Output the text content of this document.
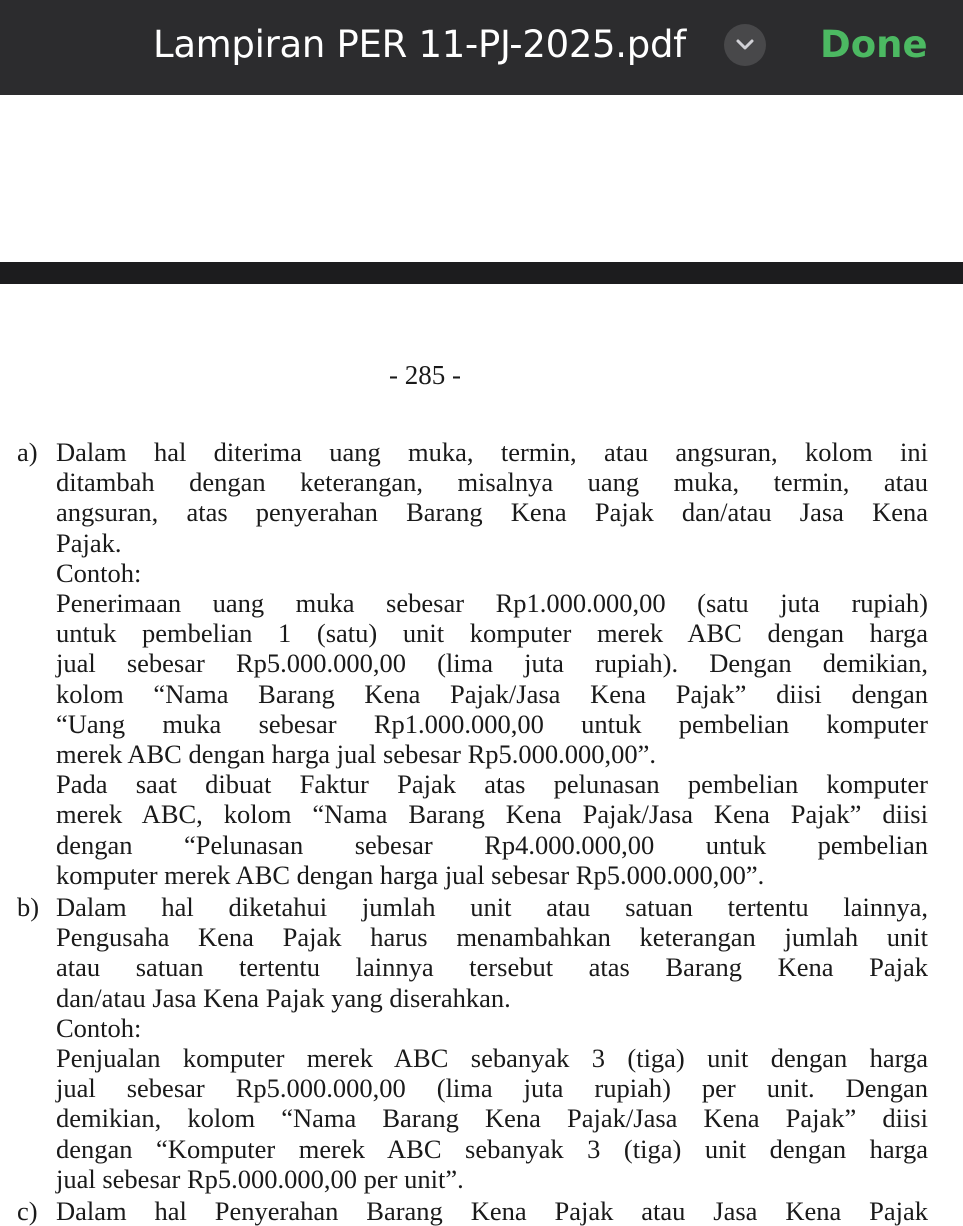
Lampiran PER 11-PJ-2025.pdf	Done
- 285 -
a) Dalam hal diterima uang muka, termin, atau angsuran, kolom ini
ditambah dengan keterangan, misalnya uang muka, termin, atau
angsuran, atas penyerahan Barang Kena Pajak dan/atau Jasa Kena
Pajak.
Contoh:
Penerimaan uang muka sebesar Rp1.000.000,00 (satu juta rupiah)
untuk pembelian 1 (satu) unit komputer merek ABC dengan harga
jual sebesar Rp5.000.000,00 (lima juta rupiah). Dengan demikian,
kolom “Nama Barang Kena Pajak/Jasa Kena Pajak” diisi dengan
“Uang muka sebesar Rp1.000.000,00 untuk pembelian komputer
merek ABC dengan harga jual sebesar Rp5.000.000,00”.
Pada saat dibuat Faktur Pajak atas pelunasan pembelian komputer
merek ABC, kolom “Nama Barang Kena Pajak/Jasa Kena Pajak” diisi
dengan “Pelunasan sebesar Rp4.000.000,00 untuk pembelian
komputer merek ABC dengan harga jual sebesar Rp5.000.000,00”.
b) Dalam hal diketahui jumlah unit atau satuan tertentu lainnya,
Pengusaha Kena Pajak harus menambahkan keterangan jumlah unit
atau satuan tertentu lainnya tersebut atas Barang Kena Pajak
dan/atau Jasa Kena Pajak yang diserahkan.
Contoh:
Penjualan komputer merek ABC sebanyak 3 (tiga) unit dengan harga
jual sebesar Rp5.000.000,00 (lima juta rupiah) per unit. Dengan
demikian, kolom “Nama Barang Kena Pajak/Jasa Kena Pajak” diisi
dengan “Komputer merek ABC sebanyak 3 (tiga) unit dengan harga
jual sebesar Rp5.000.000,00 per unit”.
c) Dalam hal Penyerahan Barang Kena Pajak atau Jasa Kena Pajak
